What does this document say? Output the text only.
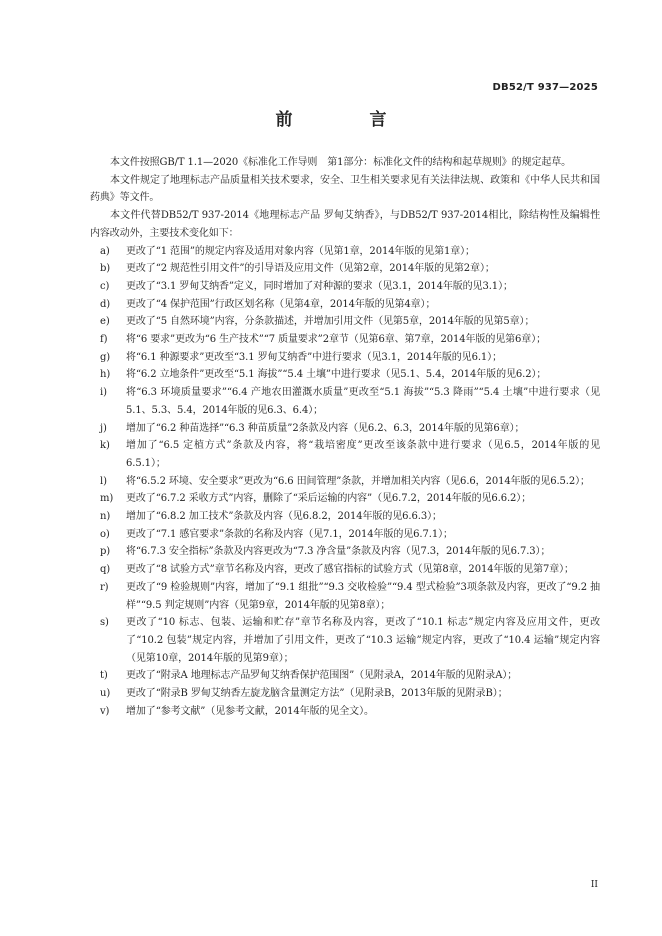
DB52/T 937—2025
前　言

本文件按照GB/T 1.1—2020《标准化工作导则　第1部分：标准化文件的结构和起草规则》的规定起草。

本文件规定了地理标志产品质量相关技术要求，安全、卫生相关要求见有关法律法规、政策和《中华人民共和国药典》等文件。

本文件代替DB52/T 937-2014《地理标志产品 罗甸艾纳香》，与DB52/T 937-2014相比，除结构性及编辑性内容改动外，主要技术变化如下：

a) 更改了“1 范围”的规定内容及适用对象内容（见第1章，2014年版的见第1章）；

b) 更改了“2 规范性引用文件”的引导语及应用文件（见第2章，2014年版的见第2章）；

c) 更改了“3.1 罗甸艾纳香”定义，同时增加了对种源的要求（见3.1，2014年版的见3.1）；

d) 更改了“4 保护范围”行政区划名称（见第4章，2014年版的见第4章）；

e) 更改了“5 自然环境”内容，分条款描述，并增加引用文件（见第5章，2014年版的见第5章）；

f) 将“6 要求”更改为“6 生产技术”“7 质量要求”2章节（见第6章、第7章，2014年版的见第6章）；

g) 将“6.1 种源要求”更改至“3.1 罗甸艾纳香”中进行要求（见3.1，2014年版的见6.1）；

h) 将“6.2 立地条件”更改至“5.1 海拔”“5.4 土壤”中进行要求（见5.1、5.4，2014年版的见6.2）；

i) 将“6.3 环境质量要求”“6.4 产地农田灌溉水质量”更改至“5.1 海拔”“5.3 降雨”“5.4 土壤”中进行要求（见5.1、5.3、5.4，2014年版的见6.3、6.4）；

j) 增加了“6.2 种苗选择”“6.3 种苗质量”2条款及内容（见6.2、6.3，2014年版的见第6章）；

k) 增加了“6.5 定植方式”条款及内容，将“栽培密度”更改至该条款中进行要求（见6.5，2014年版的见6.5.1）；

l) 将“6.5.2 环境、安全要求”更改为“6.6 田间管理”条款，并增加相关内容（见6.6，2014年版的见6.5.2）；

m) 更改了“6.7.2 采收方式”内容，删除了“采后运输的内容”（见6.7.2，2014年版的见6.6.2）；

n) 增加了“6.8.2 加工技术”条款及内容（见6.8.2，2014年版的见6.6.3）；

o) 更改了“7.1 感官要求”条款的名称及内容（见7.1，2014年版的见6.7.1）；

p) 将“6.7.3 安全指标”条款及内容更改为“7.3 净含量”条款及内容（见7.3，2014年版的见6.7.3）；

q) 更改了“8 试验方式”章节名称及内容，更改了感官指标的试验方式（见第8章，2014年版的见第7章）；

r) 更改了“9 检验规则”内容，增加了“9.1 组批”“9.3 交收检验”“9.4 型式检验”3项条款及内容，更改了“9.2 抽样”“9.5 判定规则”内容（见第9章，2014年版的见第8章）；

s) 更改了“10 标志、包装、运输和贮存”章节名称及内容，更改了“10.1 标志”规定内容及应用文件，更改了“10.2 包装”规定内容，并增加了引用文件，更改了“10.3 运输”规定内容，更改了“10.4 运输”规定内容（见第10章，2014年版的见第9章）；

t) 更改了“附录A 地理标志产品罗甸艾纳香保护范围图”（见附录A，2014年版的见附录A）；

u) 更改了“附录B 罗甸艾纳香左旋龙脑含量测定方法”（见附录B，2013年版的见附录B）；

v) 增加了“参考文献”（见参考文献，2014年版的见全文）。

II
